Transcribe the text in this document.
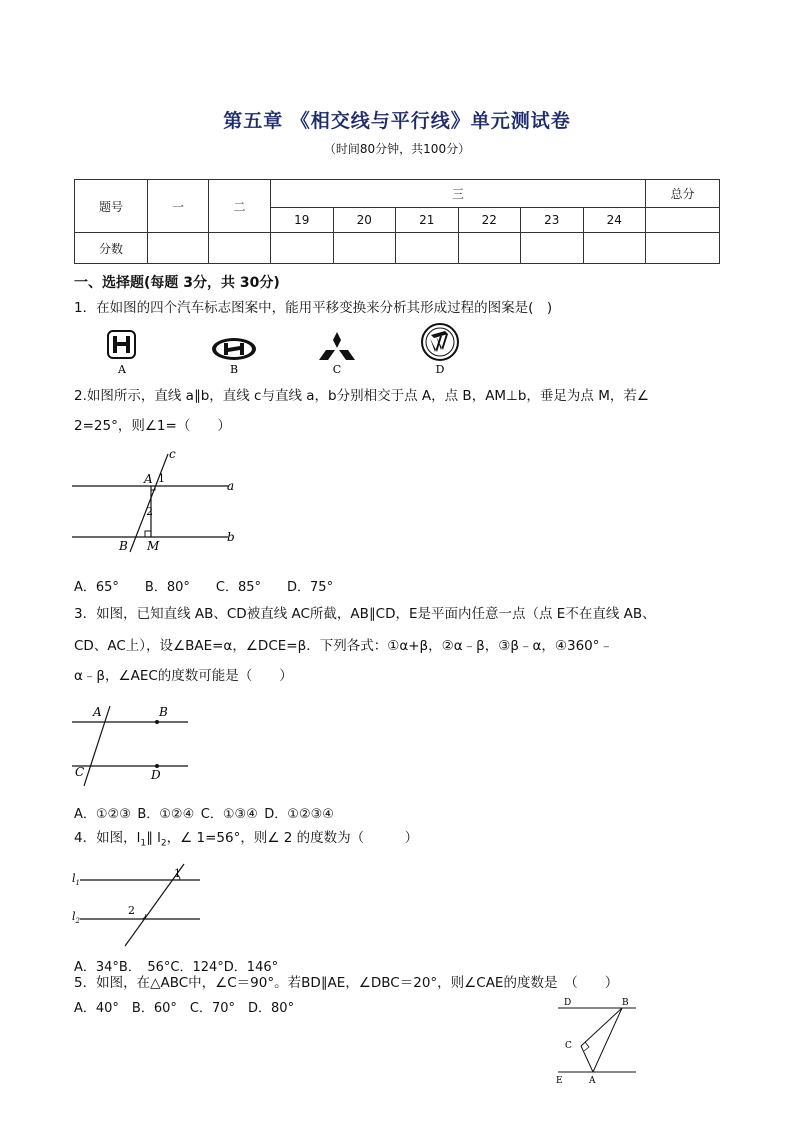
第五章 《相交线与平行线》单元测试卷
（时间80分钟，共100分）
题号	一	二	三						总分
			19	20	21	22	23	24	
分数									
一、选择题(每题 3分，共 30分)
1．在如图的四个汽车标志图案中，能用平移变换来分析其形成过程的图案是(　)
A	B	C	D
2.如图所示，直线 a∥b，直线 c与直线 a，b分别相交于点 A，点 B，AM⊥b，垂足为点 M，若∠
2=25°，则∠1=（　　）
c
A 1
a
2
B M
b
A．65°　　B．80°　　C．85°　　D．75°
3．如图，已知直线 AB、CD被直线 AC所截，AB∥CD，E是平面内任意一点（点 E不在直线 AB、
CD、AC上），设∠BAE=α，∠DCE=β．下列各式：①α+β，②α﹣β，③β﹣α，④360°﹣
α﹣β，∠AEC的度数可能是（　　）
A	B
C	D
A．①②③ B．①②④ C．①③④ D．①②③④
4．如图，$l_1\parallel$ $l_2$，∠ 1=56°，则∠ 2 的度数为（　　　）
$l_1$
$l_2$
1
2
A．34°B． 56°C．124°D．146°
5．如图，在△ABC中，∠C＝90°。若BD∥AE，∠DBC＝20°，则∠CAE的度数是　（　　）
A．40°　B．60°　C．70°　D．80°	D	B
C
E	A
